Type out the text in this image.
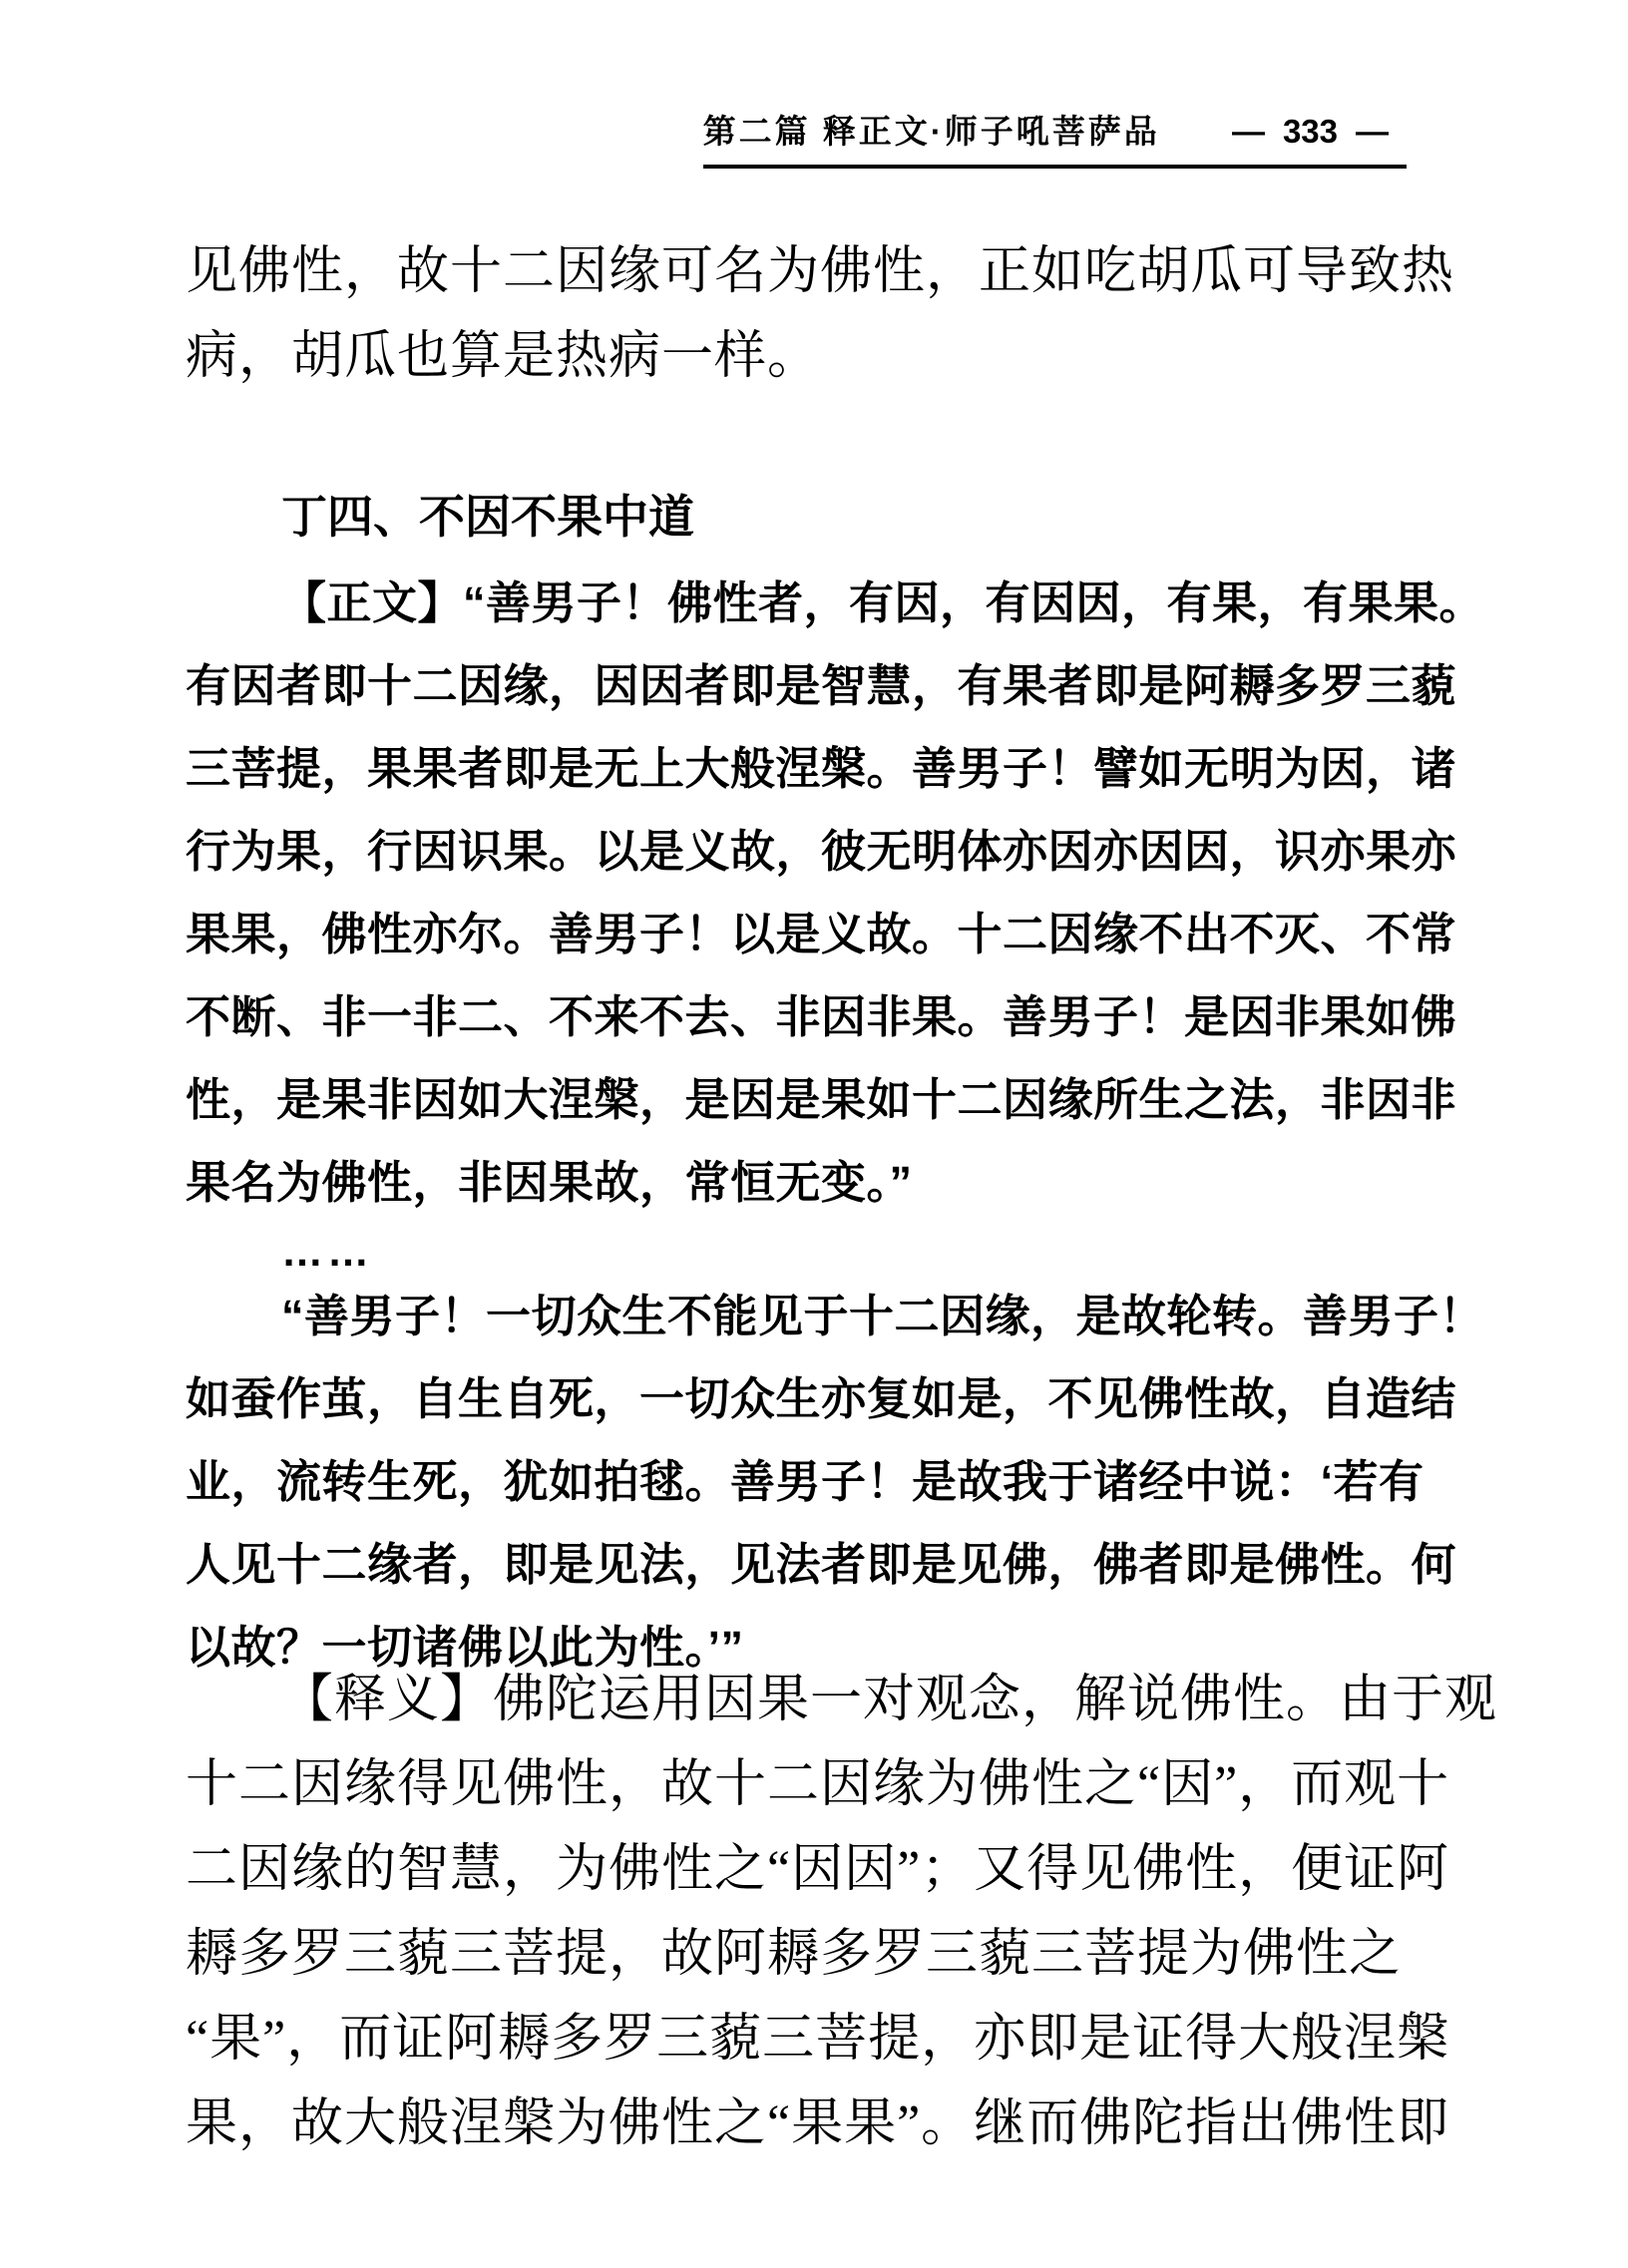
第二篇 释正文·师子吼菩萨品 — 333 —
见佛性，故十二因缘可名为佛性，正如吃胡瓜可导致热
病，胡瓜也算是热病一样。
丁四、不因不果中道
【正文】“善男子！佛性者，有因，有因因，有果，有果果。
有因者即十二因缘，因因者即是智慧，有果者即是阿耨多罗三藐
三菩提，果果者即是无上大般涅槃。善男子！譬如无明为因，诸
行为果，行因识果。以是义故，彼无明体亦因亦因因，识亦果亦
果果，佛性亦尔。善男子！以是义故。十二因缘不出不灭、不常
不断、非一非二、不来不去、非因非果。善男子！是因非果如佛
性，是果非因如大涅槃，是因是果如十二因缘所生之法，非因非
果名为佛性，非因果故，常恒无变。”
……
“善男子！一切众生不能见于十二因缘，是故轮转。善男子！
如蚕作茧，自生自死，一切众生亦复如是，不见佛性故，自造结
业，流转生死，犹如拍毬。善男子！是故我于诸经中说：‘若有
人见十二缘者，即是见法，见法者即是见佛，佛者即是佛性。何
以故？一切诸佛以此为性。’”
【释义】佛陀运用因果一对观念，解说佛性。由于观
十二因缘得见佛性，故十二因缘为佛性之“因”，而观十
二因缘的智慧，为佛性之“因因”；又得见佛性，便证阿
耨多罗三藐三菩提，故阿耨多罗三藐三菩提为佛性之
“果”，而证阿耨多罗三藐三菩提，亦即是证得大般涅槃
果，故大般涅槃为佛性之“果果”。继而佛陀指出佛性即
